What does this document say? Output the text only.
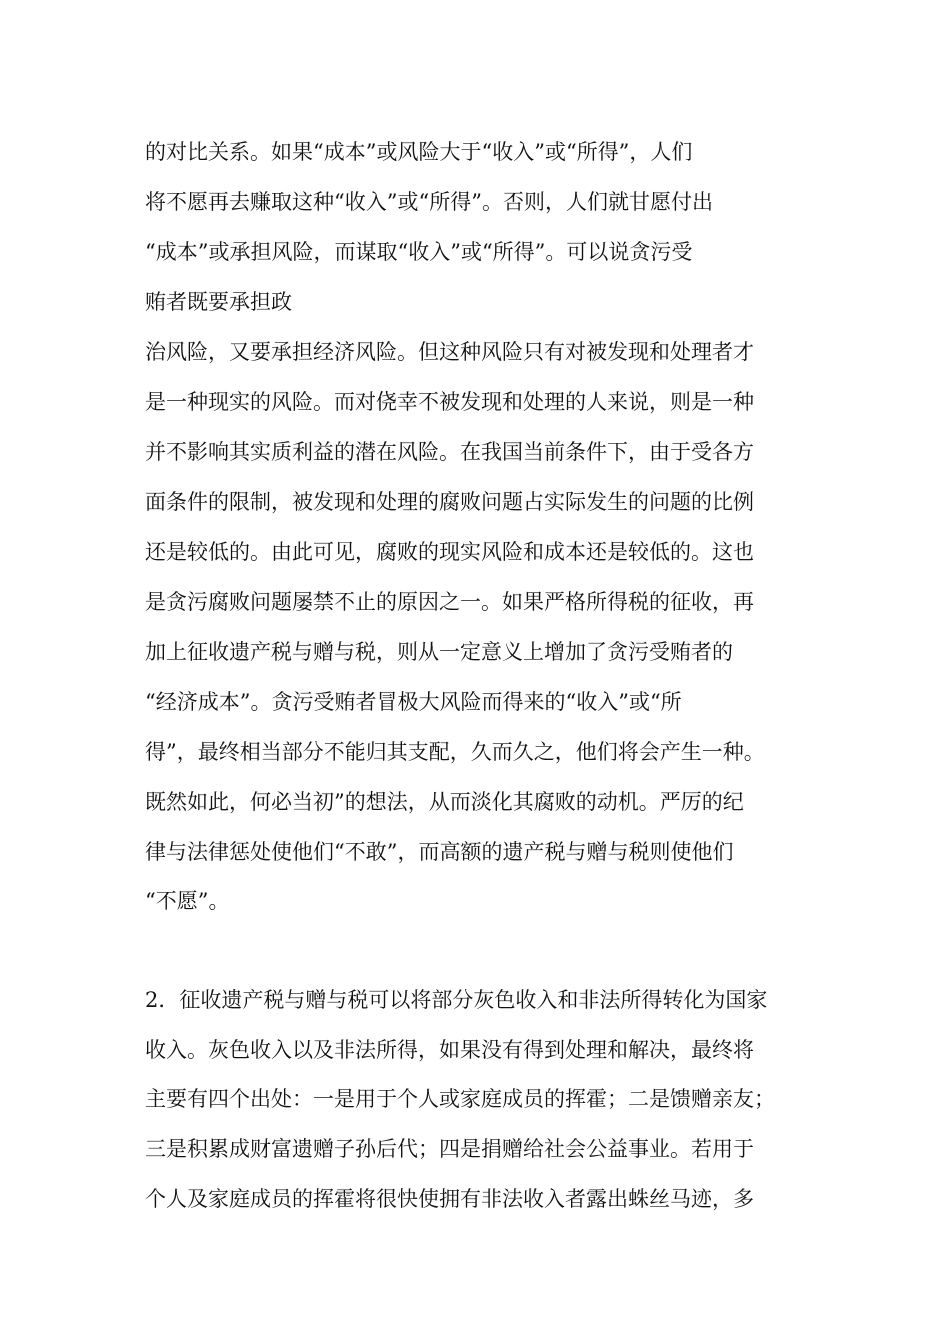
的对比关系。如果“成本”或风险大于“收入”或“所得”，人们
将不愿再去赚取这种“收入”或“所得”。否则，人们就甘愿付出
“成本”或承担风险，而谋取“收入”或“所得”。可以说贪污受
贿者既要承担政
治风险，又要承担经济风险。但这种风险只有对被发现和处理者才
是一种现实的风险。而对侥幸不被发现和处理的人来说，则是一种
并不影响其实质利益的潜在风险。在我国当前条件下，由于受各方
面条件的限制，被发现和处理的腐败问题占实际发生的问题的比例
还是较低的。由此可见，腐败的现实风险和成本还是较低的。这也
是贪污腐败问题屡禁不止的原因之一。如果严格所得税的征收，再
加上征收遗产税与赠与税，则从一定意义上增加了贪污受贿者的
“经济成本”。贪污受贿者冒极大风险而得来的“收入”或“所
得”，最终相当部分不能归其支配，久而久之，他们将会产生一种。
既然如此，何必当初”的想法，从而淡化其腐败的动机。严厉的纪
律与法律惩处使他们“不敢”，而高额的遗产税与赠与税则使他们
“不愿”。
2．征收遗产税与赠与税可以将部分灰色收入和非法所得转化为国家
收入。灰色收入以及非法所得，如果没有得到处理和解决，最终将
主要有四个出处：一是用于个人或家庭成员的挥霍；二是馈赠亲友；
三是积累成财富遗赠子孙后代；四是捐赠给社会公益事业。若用于
个人及家庭成员的挥霍将很快使拥有非法收入者露出蛛丝马迹，多
